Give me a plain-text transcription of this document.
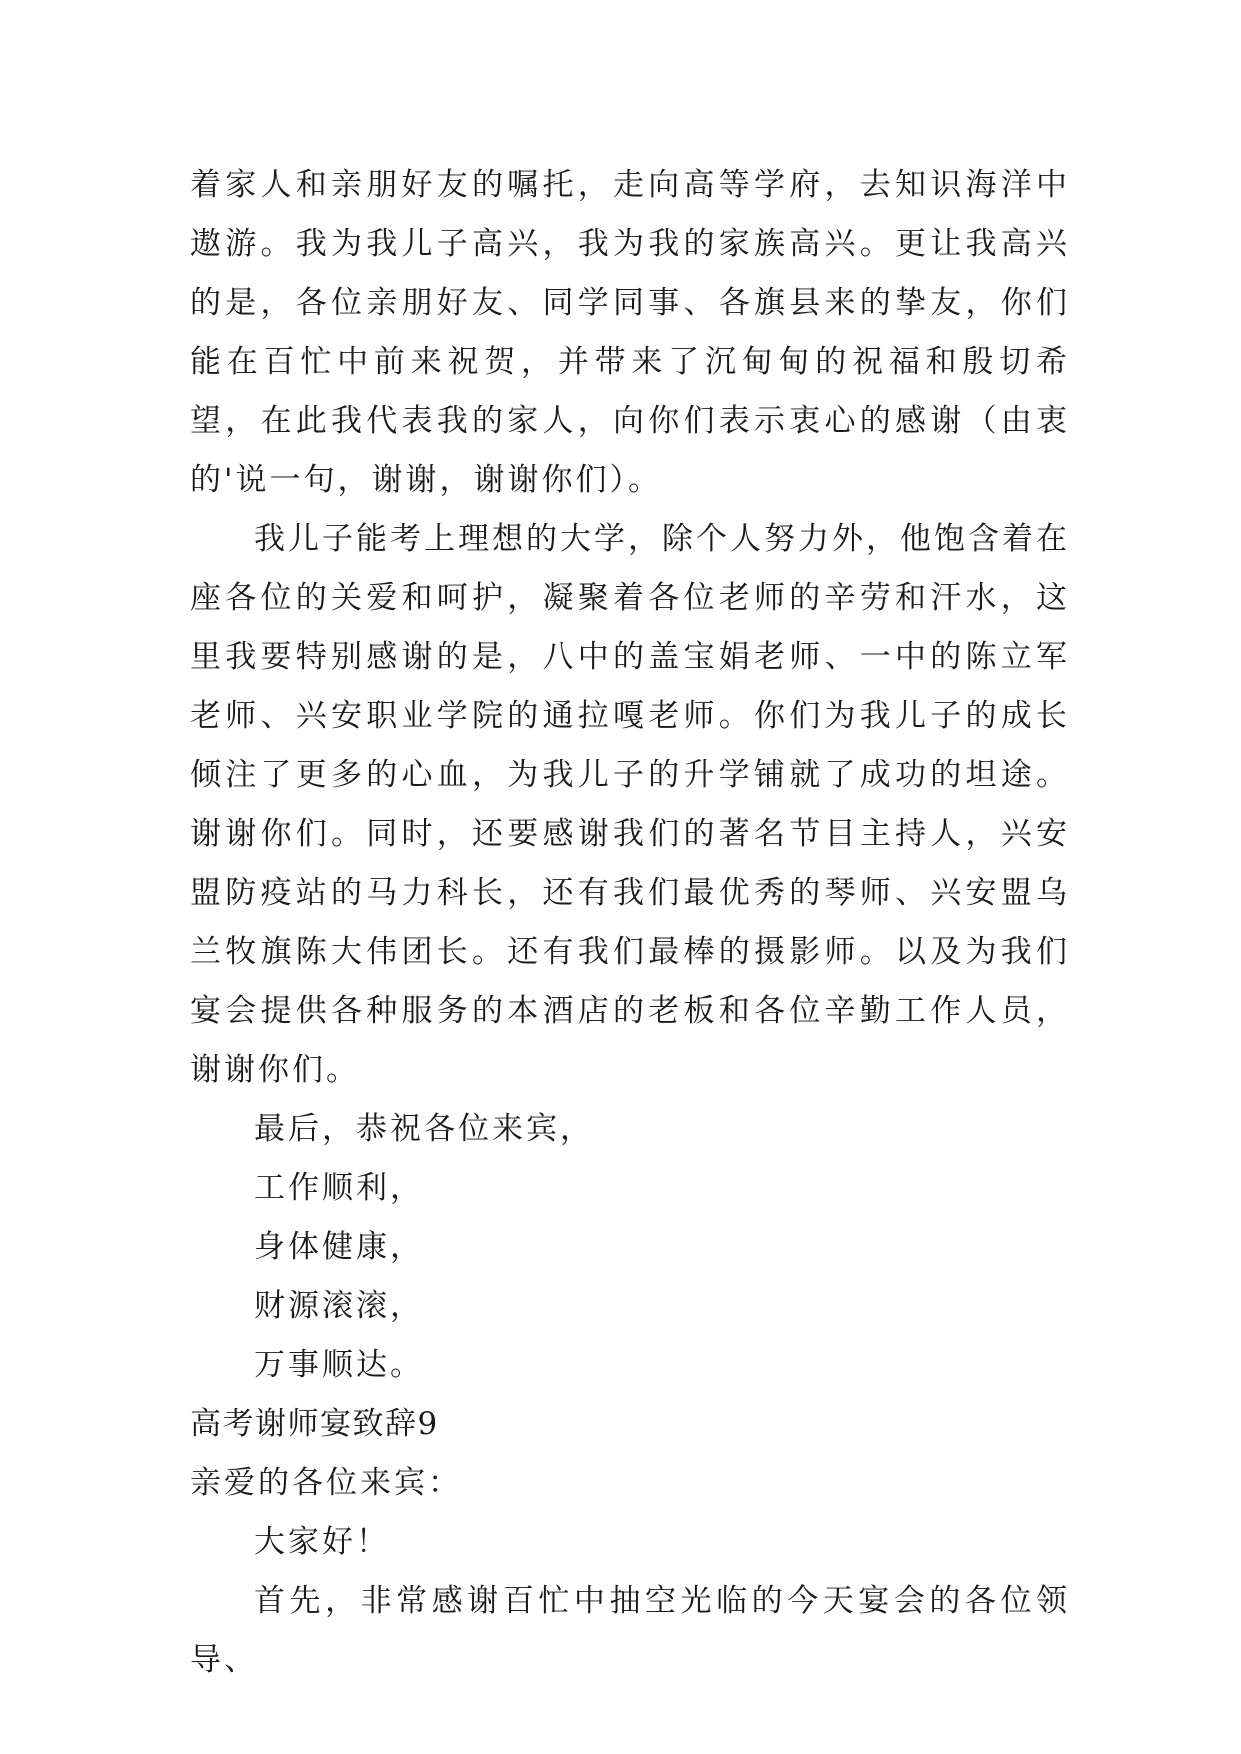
着家人和亲朋好友的嘱托，走向高等学府，去知识海洋中遨游。我为我儿子高兴，我为我的家族高兴。更让我高兴的是，各位亲朋好友、同学同事、各旗县来的挚友，你们能在百忙中前来祝贺，并带来了沉甸甸的祝福和殷切希望，在此我代表我的家人，向你们表示衷心的感谢（由衷的'说一句，谢谢，谢谢你们）。

我儿子能考上理想的大学，除个人努力外，他饱含着在座各位的关爱和呵护，凝聚着各位老师的辛劳和汗水，这里我要特别感谢的是，八中的盖宝娟老师、一中的陈立军老师、兴安职业学院的通拉嘎老师。你们为我儿子的成长倾注了更多的心血，为我儿子的升学铺就了成功的坦途。谢谢你们。同时，还要感谢我们的著名节目主持人，兴安盟防疫站的马力科长，还有我们最优秀的琴师、兴安盟乌兰牧旗陈大伟团长。还有我们最棒的摄影师。以及为我们宴会提供各种服务的本酒店的老板和各位辛勤工作人员，谢谢你们。

最后，恭祝各位来宾，

工作顺利，

身体健康，

财源滚滚，

万事顺达。

高考谢师宴致辞9

亲爱的各位来宾：

大家好！

首先，非常感谢百忙中抽空光临的今天宴会的各位领导、
